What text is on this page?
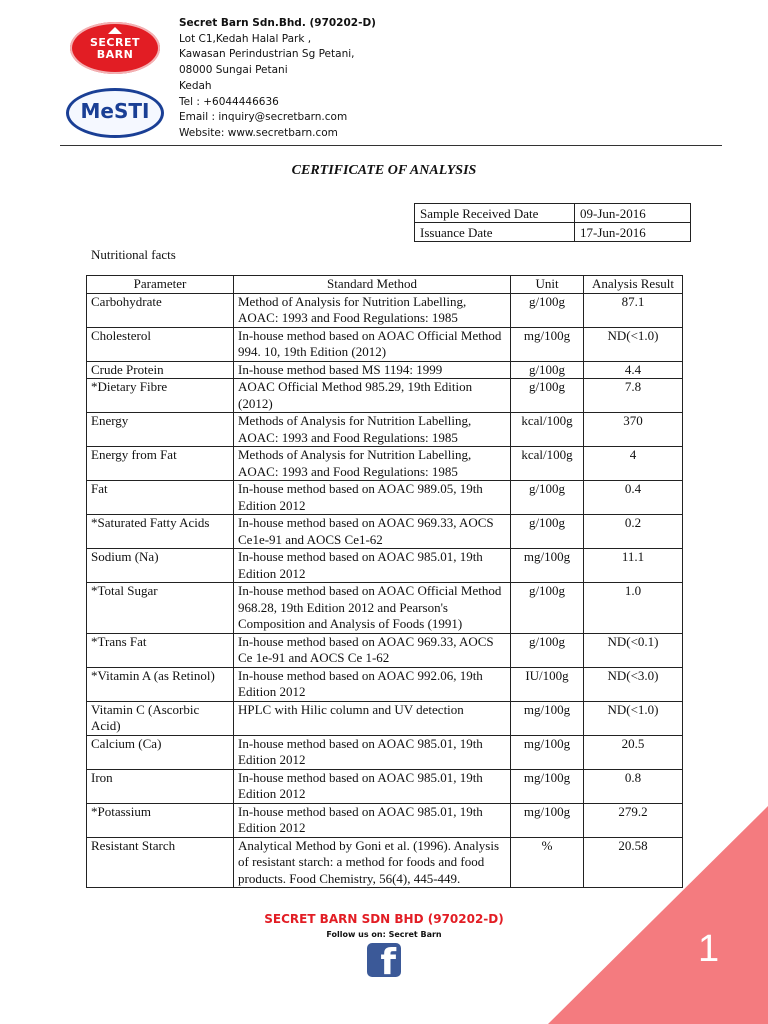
SECRET
BARN
MeSTI
Secret Barn Sdn.Bhd. (970202-D)
Lot C1,Kedah Halal Park ,
Kawasan Perindustrian Sg Petani,
08000 Sungai Petani
Kedah
Tel : +6044446636
Email : inquiry@secretbarn.com
Website: www.secretbarn.com
CERTIFICATE OF ANALYSIS
Sample Received Date	09-Jun-2016
Issuance Date	17-Jun-2016
Nutritional facts
Parameter	Standard Method	Unit	Analysis Result
Carbohydrate	Method of Analysis for Nutrition Labelling, AOAC: 1993 and Food Regulations: 1985	g/100g	87.1
Cholesterol	In-house method based on AOAC Official Method 994. 10, 19th Edition (2012)	mg/100g	ND(<1.0)
Crude Protein	In-house method based MS 1194: 1999	g/100g	4.4
*Dietary Fibre	AOAC Official Method 985.29, 19th Edition (2012)	g/100g	7.8
Energy	Methods of Analysis for Nutrition Labelling, AOAC: 1993 and Food Regulations: 1985	kcal/100g	370
Energy from Fat	Methods of Analysis for Nutrition Labelling, AOAC: 1993 and Food Regulations: 1985	kcal/100g	4
Fat	In-house method based on AOAC 989.05, 19th Edition 2012	g/100g	0.4
*Saturated Fatty Acids	In-house method based on AOAC 969.33, AOCS Ce1e-91 and AOCS Ce1-62	g/100g	0.2
Sodium (Na)	In-house method based on AOAC 985.01, 19th Edition 2012	mg/100g	11.1
*Total Sugar	In-house method based on AOAC Official Method 968.28, 19th Edition 2012 and Pearson's Composition and Analysis of Foods (1991)	g/100g	1.0
*Trans Fat	In-house method based on AOAC 969.33, AOCS Ce 1e-91 and AOCS Ce 1-62	g/100g	ND(<0.1)
*Vitamin A (as Retinol)	In-house method based on AOAC 992.06, 19th Edition 2012	IU/100g	ND(<3.0)
Vitamin C (Ascorbic Acid)	HPLC with Hilic column and UV detection	mg/100g	ND(<1.0)
Calcium (Ca)	In-house method based on AOAC 985.01, 19th Edition 2012	mg/100g	20.5
Iron	In-house method based on AOAC 985.01, 19th Edition 2012	mg/100g	0.8
*Potassium	In-house method based on AOAC 985.01, 19th Edition 2012	mg/100g	279.2
Resistant Starch	Analytical Method by Goni et al. (1996). Analysis of resistant starch: a method for foods and food products. Food Chemistry, 56(4), 445-449.	%	20.58
SECRET BARN SDN BHD (970202-D)
Follow us on: Secret Barn
f	1
